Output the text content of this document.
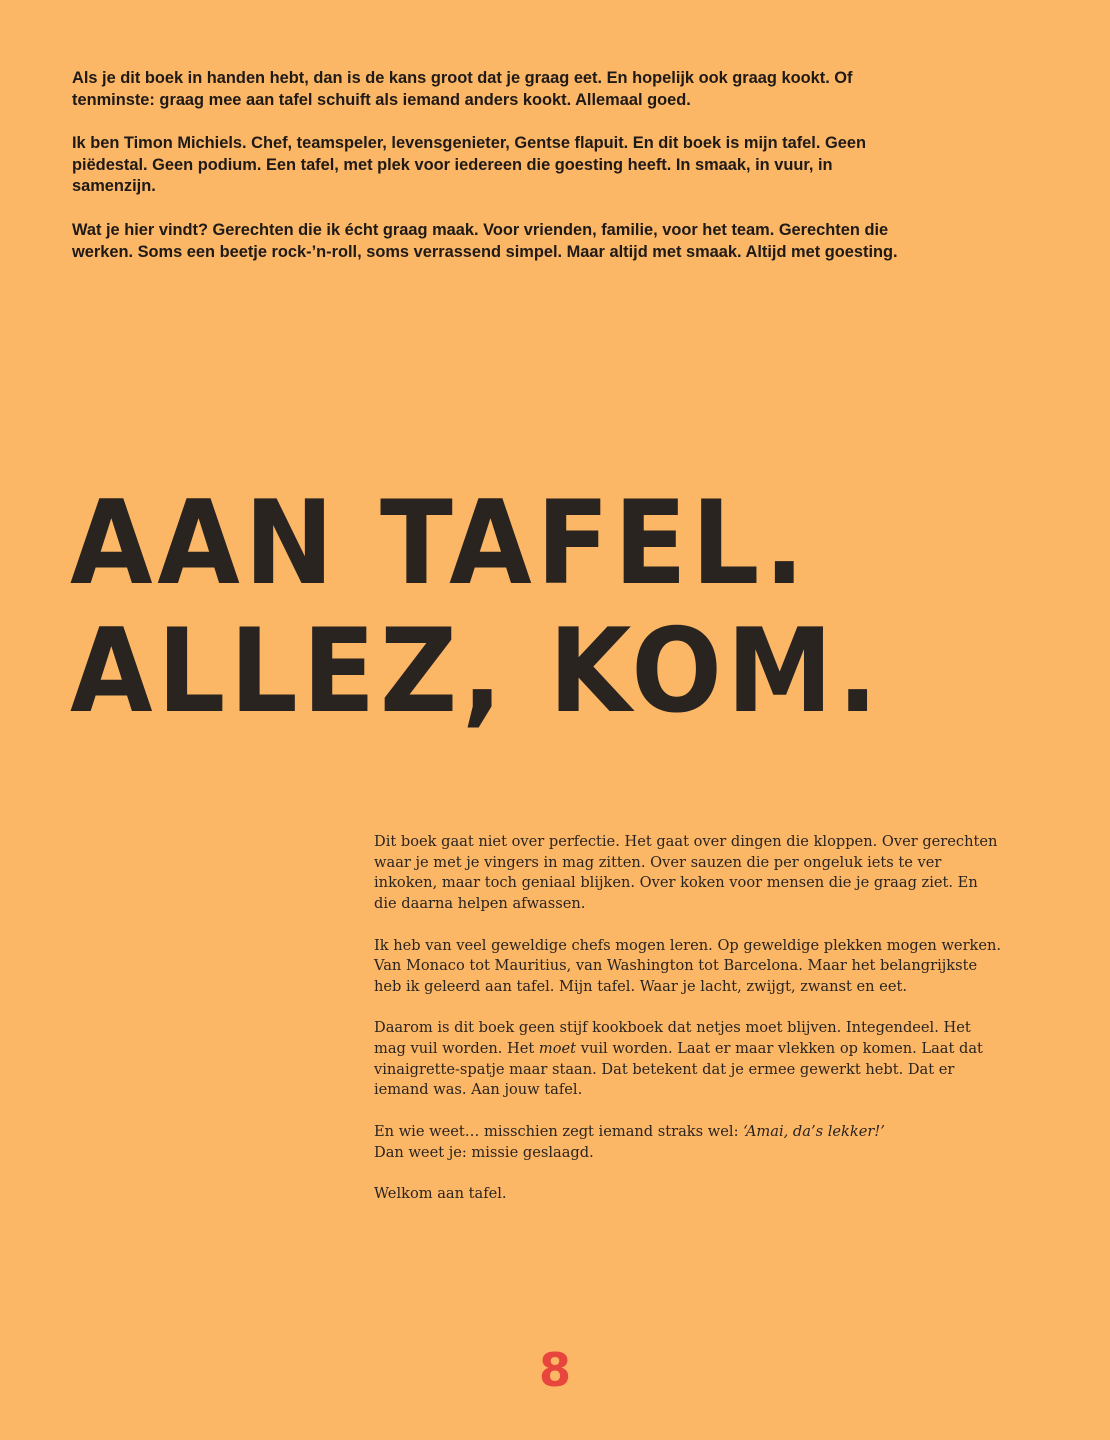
Als je dit boek in handen hebt, dan is de kans groot dat je graag eet. En hopelijk ook graag kookt. Of tenminste: graag mee aan tafel schuift als iemand anders kookt. Allemaal goed.

Ik ben Timon Michiels. Chef, teamspeler, levensgenieter, Gentse flapuit. En dit boek is mijn tafel. Geen piëdestal. Geen podium. Een tafel, met plek voor iedereen die goesting heeft. In smaak, in vuur, in samenzijn.

Wat je hier vindt? Gerechten die ik écht graag maak. Voor vrienden, familie, voor het team. Gerechten die werken. Soms een beetje rock-’n-roll, soms verrassend simpel. Maar altijd met smaak. Altijd met goesting.

AAN TAFEL.
ALLEZ, KOM.

Dit boek gaat niet over perfectie. Het gaat over dingen die kloppen. Over gerechten waar je met je vingers in mag zitten. Over sauzen die per ongeluk iets te ver inkoken, maar toch geniaal blijken. Over koken voor mensen die je graag ziet. En die daarna helpen afwassen.

Ik heb van veel geweldige chefs mogen leren. Op geweldige plekken mogen werken. Van Monaco tot Mauritius, van Washington tot Barcelona. Maar het belangrijkste heb ik geleerd aan tafel. Mijn tafel. Waar je lacht, zwijgt, zwanst en eet.

Daarom is dit boek geen stijf kookboek dat netjes moet blijven. Integendeel. Het mag vuil worden. Het moet vuil worden. Laat er maar vlekken op komen. Laat dat vinaigrette-spatje maar staan. Dat betekent dat je ermee gewerkt hebt. Dat er iemand was. Aan jouw tafel.

En wie weet… misschien zegt iemand straks wel: ‘Amai, da’s lekker!’
Dan weet je: missie geslaagd.

Welkom aan tafel.

8
